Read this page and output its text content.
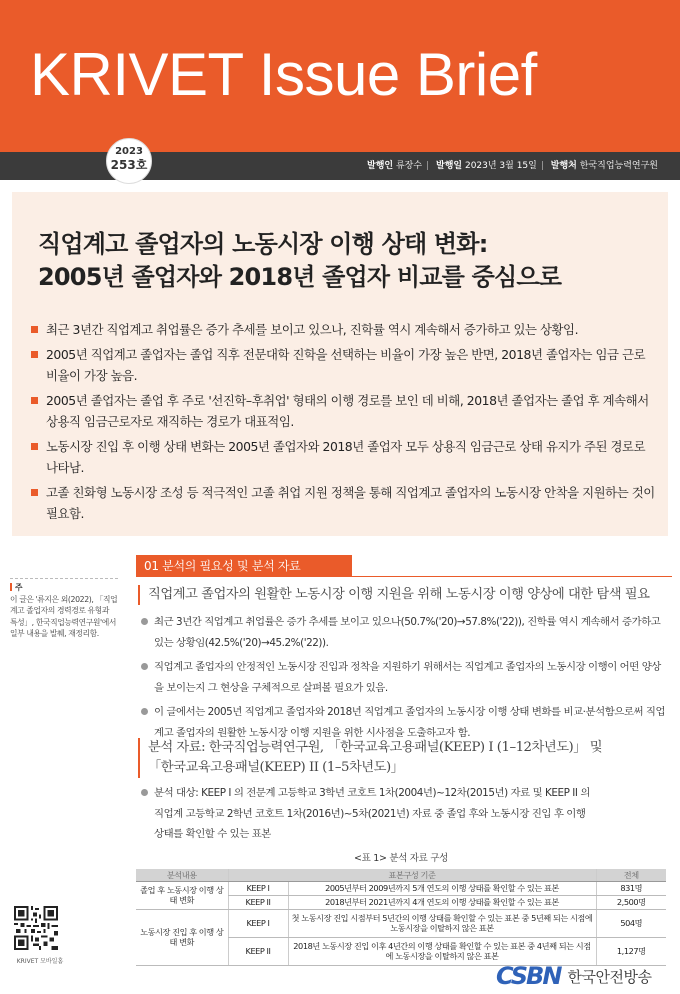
KRIVET Issue Brief
2023
253호	발행인 류장수 | 발행일 2023년 3월 15일 | 발행처 한국직업능력연구원
직업계고 졸업자의 노동시장 이행 상태 변화:
2005년 졸업자와 2018년 졸업자 비교를 중심으로
최근 3년간 직업계고 취업률은 증가 추세를 보이고 있으나, 진학률 역시 계속해서 증가하고 있는 상황임.
2005년 직업계고 졸업자는 졸업 직후 전문대학 진학을 선택하는 비율이 가장 높은 반면, 2018년 졸업자는 임금 근로 비율이 가장 높음.
2005년 졸업자는 졸업 후 주로 '선진학–후취업' 형태의 이행 경로를 보인 데 비해, 2018년 졸업자는 졸업 후 계속해서 상용직 임금근로자로 재직하는 경로가 대표적임.
노동시장 진입 후 이행 상태 변화는 2005년 졸업자와 2018년 졸업자 모두 상용직 임금근로 상태 유지가 주된 경로로 나타남.
고졸 친화형 노동시장 조성 등 적극적인 고졸 취업 지원 정책을 통해 직업계고 졸업자의 노동시장 안착을 지원하는 것이 필요함.
주
이 글은 '류지은 외(2022), 「직업계고 졸업자의 경력경로 유형과 특성」, 한국직업능력연구원'에서 일부 내용을 발췌, 재정리함.
KRIVET 모바일홈
01 분석의 필요성 및 분석 자료
직업계고 졸업자의 원활한 노동시장 이행 지원을 위해 노동시장 이행 양상에 대한 탐색 필요
최근 3년간 직업계고 취업률은 증가 추세를 보이고 있으나(50.7%('20)→57.8%('22)), 진학률 역시 계속해서 증가하고 있는 상황임(42.5%('20)→45.2%('22)).
직업계고 졸업자의 안정적인 노동시장 진입과 정착을 지원하기 위해서는 직업계고 졸업자의 노동시장 이행이 어떤 양상을 보이는지 그 현상을 구체적으로 살펴볼 필요가 있음.
이 글에서는 2005년 직업계고 졸업자와 2018년 직업계고 졸업자의 노동시장 이행 상태 변화를 비교·분석함으로써 직업계고 졸업자의 원활한 노동시장 이행 지원을 위한 시사점을 도출하고자 함.
분석 자료: 한국직업능력연구원, 「한국교육고용패널(KEEP) I (1–12차년도)」 및 「한국교육고용패널(KEEP) II (1–5차년도)」
분석 대상: KEEP I 의 전문계 고등학교 3학년 코호트 1차(2004년)~12차(2015년) 자료 및 KEEP II 의 직업계 고등학교 2학년 코호트 1차(2016년)~5차(2021년) 자료 중 졸업 후와 노동시장 진입 후 이행 상태를 확인할 수 있는 표본
<표 1> 분석 자료 구성
분석내용	표본구성 기준		전체
졸업 후 노동시장 이행 상태 변화	KEEP I	2005년부터 2009년까지 5개 연도의 이행 상태를 확인할 수 있는 표본	831명
	KEEP II	2018년부터 2021년까지 4개 연도의 이행 상태를 확인할 수 있는 표본	2,500명
노동시장 진입 후 이행 상태 변화	KEEP I	첫 노동시장 진입 시점부터 5년간의 이행 상태를 확인할 수 있는 표본 중 5년째 되는 시점에 노동시장을 이탈하지 않은 표본	504명
	KEEP II	2018년 노동시장 진입 이후 4년간의 이행 상태를 확인할 수 있는 표본 중 4년째 되는 시점에 노동시장을 이탈하지 않은 표본	1,127명
CSBN 한국안전방송
